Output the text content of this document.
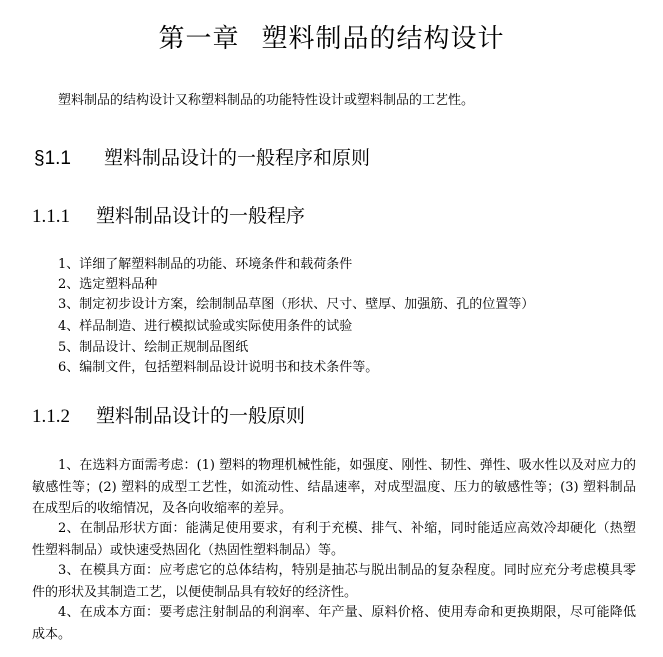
第一章 塑料制品的结构设计
塑料制品的结构设计又称塑料制品的功能特性设计或塑料制品的工艺性。
§1.1 塑料制品设计的一般程序和原则
1.1.1 塑料制品设计的一般程序
1、详细了解塑料制品的功能、环境条件和载荷条件
2、选定塑料品种
3、制定初步设计方案，绘制制品草图（形状、尺寸、壁厚、加强筋、孔的位置等）
4、样品制造、进行模拟试验或实际使用条件的试验
5、制品设计、绘制正规制品图纸
6、编制文件，包括塑料制品设计说明书和技术条件等。
1.1.2 塑料制品设计的一般原则
1、在选料方面需考虑：(1) 塑料的物理机械性能，如强度、刚性、韧性、弹性、吸水性以及对应力的敏感性等；(2) 塑料的成型工艺性，如流动性、结晶速率，对成型温度、压力的敏感性等；(3) 塑料制品在成型后的收缩情况，及各向收缩率的差异。
2、在制品形状方面：能满足使用要求，有利于充模、排气、补缩，同时能适应高效冷却硬化（热塑性塑料制品）或快速受热固化（热固性塑料制品）等。
3、在模具方面：应考虑它的总体结构，特别是抽芯与脱出制品的复杂程度。同时应充分考虑模具零件的形状及其制造工艺，以便使制品具有较好的经济性。
4、在成本方面：要考虑注射制品的利润率、年产量、原料价格、使用寿命和更换期限，尽可能降低成本。
